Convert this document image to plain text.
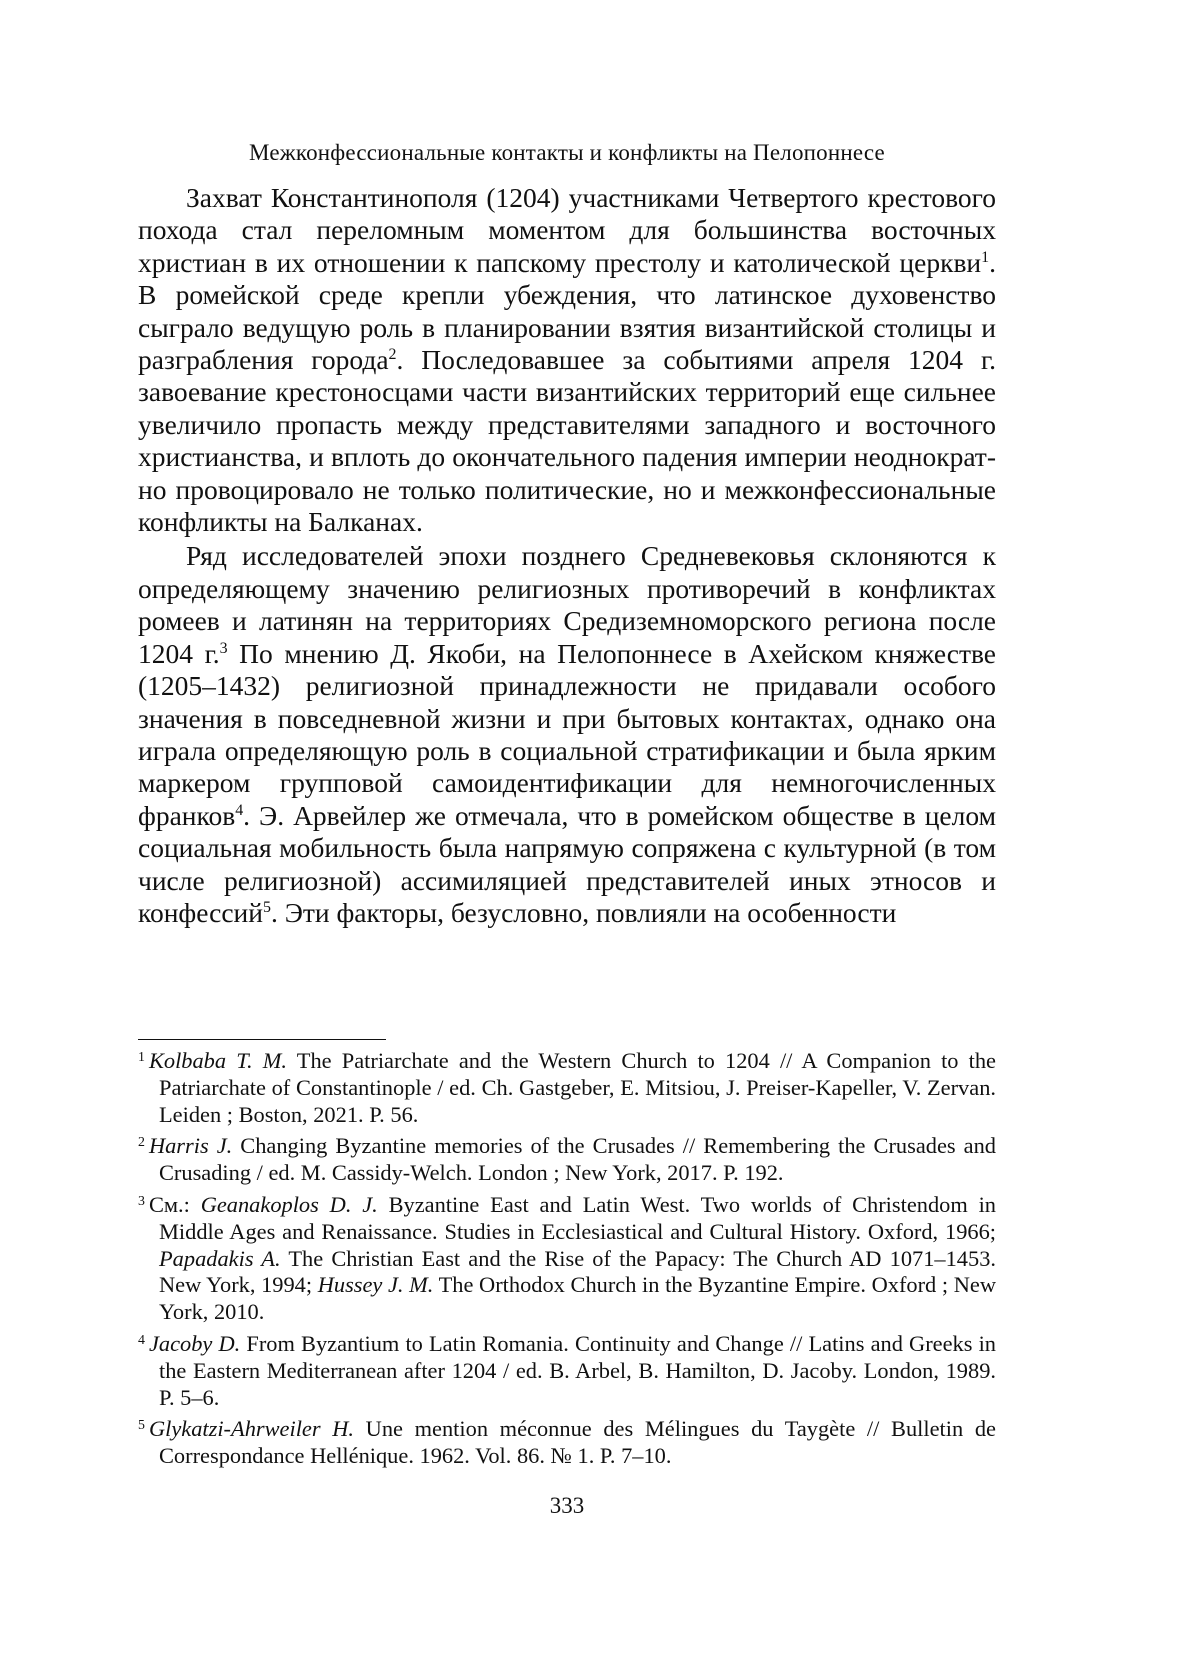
Межконфессиональные контакты и конфликты на Пелопоннесе

Захват Константинополя (1204) участниками Четвертого крестового похода стал переломным моментом для большинства восточных христиан в их отношении к папскому престолу и католической церкви$^1$. В ромейской среде крепли убеждения, что латинское духовенство сыграло ведущую роль в планировании взятия византийской столицы и разграбления города$^2$. Последовавшее за событиями апреля 1204 г. завоевание крестоносцами части византийских территорий еще сильнее увеличило пропасть между представителями западного и восточного христианства, и вплоть до окончательного падения империи неоднократно провоцировало не только политические, но и межконфессиональные конфликты на Балканах.

Ряд исследователей эпохи позднего Средневековья склоняются к определяющему значению религиозных противоречий в конфликтах ромеев и латинян на территориях Средиземноморского региона после 1204 г.$^3$ По мнению Д. Якоби, на Пелопоннесе в Ахейском княжестве (1205–1432) религиозной принадлежности не придавали особого значения в повседневной жизни и при бытовых контактах, однако она играла определяющую роль в социальной стратификации и была ярким маркером групповой самоидентификации для немногочисленных франков$^4$. Э. Арвейлер же отмечала, что в ромейском обществе в целом социальная мобильность была напрямую сопряжена с культурной (в том числе религиозной) ассимиляцией представителей иных этносов и конфессий$^5$. Эти факторы, безусловно, повлияли на особенности

$^1$ Kolbaba T. M. The Patriarchate and the Western Church to 1204 // A Companion to the Patriarchate of Constantinople / ed. Ch. Gastgeber, E. Mitsiou, J. Preiser-Kapeller, V. Zervan. Leiden ; Boston, 2021. P. 56.
$^2$ Harris J. Changing Byzantine memories of the Crusades // Remembering the Crusades and Crusading / ed. M. Cassidy-Welch. London ; New York, 2017. P. 192.
$^3$ См.: Geanakoplos D. J. Byzantine East and Latin West. Two worlds of Christendom in Middle Ages and Renaissance. Studies in Ecclesiastical and Cultural History. Oxford, 1966; Papadakis A. The Christian East and the Rise of the Papacy: The Church AD 1071–1453. New York, 1994; Hussey J. M. The Orthodox Church in the Byzantine Empire. Oxford ; New York, 2010.
$^4$ Jacoby D. From Byzantium to Latin Romania. Continuity and Change // Latins and Greeks in the Eastern Mediterranean after 1204 / ed. B. Arbel, B. Hamilton, D. Jacoby. London, 1989. P. 5–6.
$^5$ Glykatzi-Ahrweiler H. Une mention méconnue des Mélingues du Taygète // Bulletin de Correspondance Hellénique. 1962. Vol. 86. № 1. P. 7–10.
333
